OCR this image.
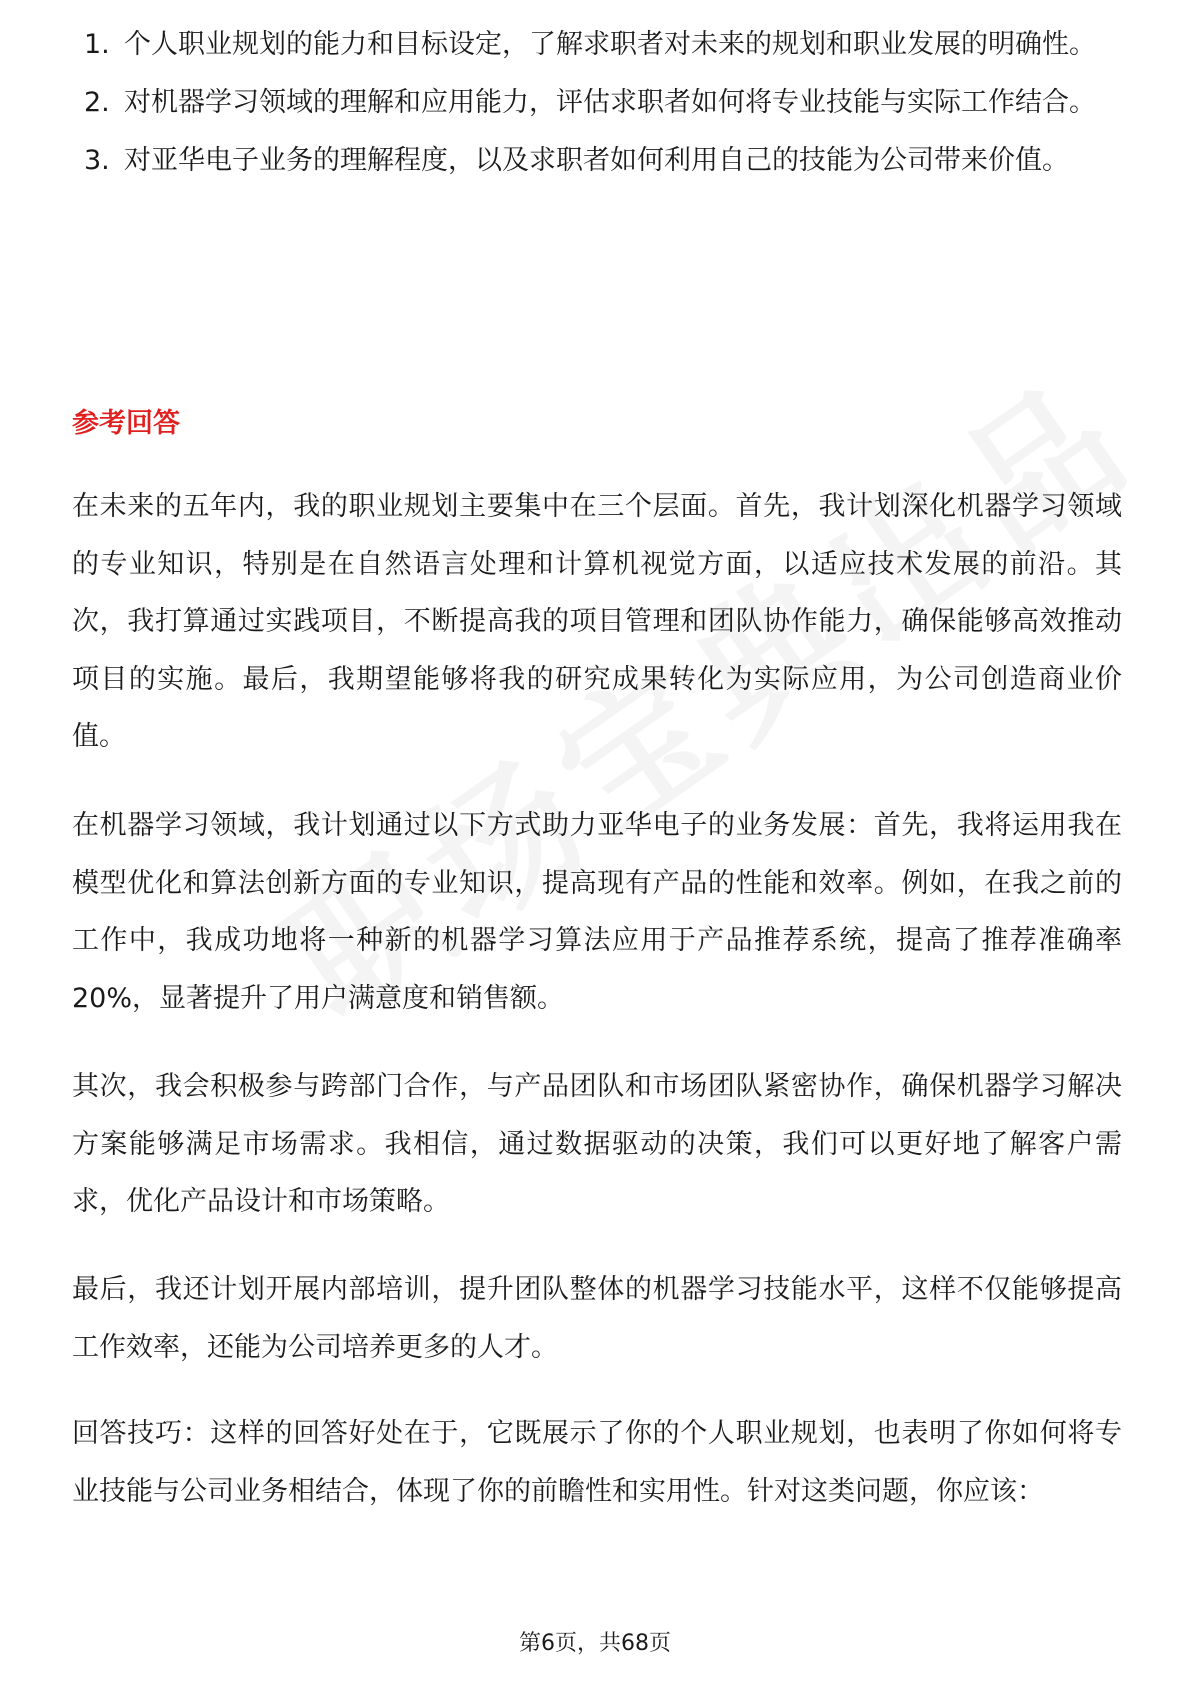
1. 个人职业规划的能力和目标设定，了解求职者对未来的规划和职业发展的明确性。
2. 对机器学习领域的理解和应用能力，评估求职者如何将专业技能与实际工作结合。
3. 对亚华电子业务的理解程度，以及求职者如何利用自己的技能为公司带来价值。
参考回答

在未来的五年内，我的职业规划主要集中在三个层面。首先，我计划深化机器学习领域的专业知识，特别是在自然语言处理和计算机视觉方面，以适应技术发展的前沿。其次，我打算通过实践项目，不断提高我的项目管理和团队协作能力，确保能够高效推动项目的实施。最后，我期望能够将我的研究成果转化为实际应用，为公司创造商业价值。

在机器学习领域，我计划通过以下方式助力亚华电子的业务发展：首先，我将运用我在模型优化和算法创新方面的专业知识，提高现有产品的性能和效率。例如，在我之前的工作中，我成功地将一种新的机器学习算法应用于产品推荐系统，提高了推荐准确率20%，显著提升了用户满意度和销售额。

其次，我会积极参与跨部门合作，与产品团队和市场团队紧密协作，确保机器学习解决方案能够满足市场需求。我相信，通过数据驱动的决策，我们可以更好地了解客户需求，优化产品设计和市场策略。

最后，我还计划开展内部培训，提升团队整体的机器学习技能水平，这样不仅能够提高工作效率，还能为公司培养更多的人才。

回答技巧：这样的回答好处在于，它既展示了你的个人职业规划，也表明了你如何将专业技能与公司业务相结合，体现了你的前瞻性和实用性。针对这类问题，你应该：

第6页，共68页
